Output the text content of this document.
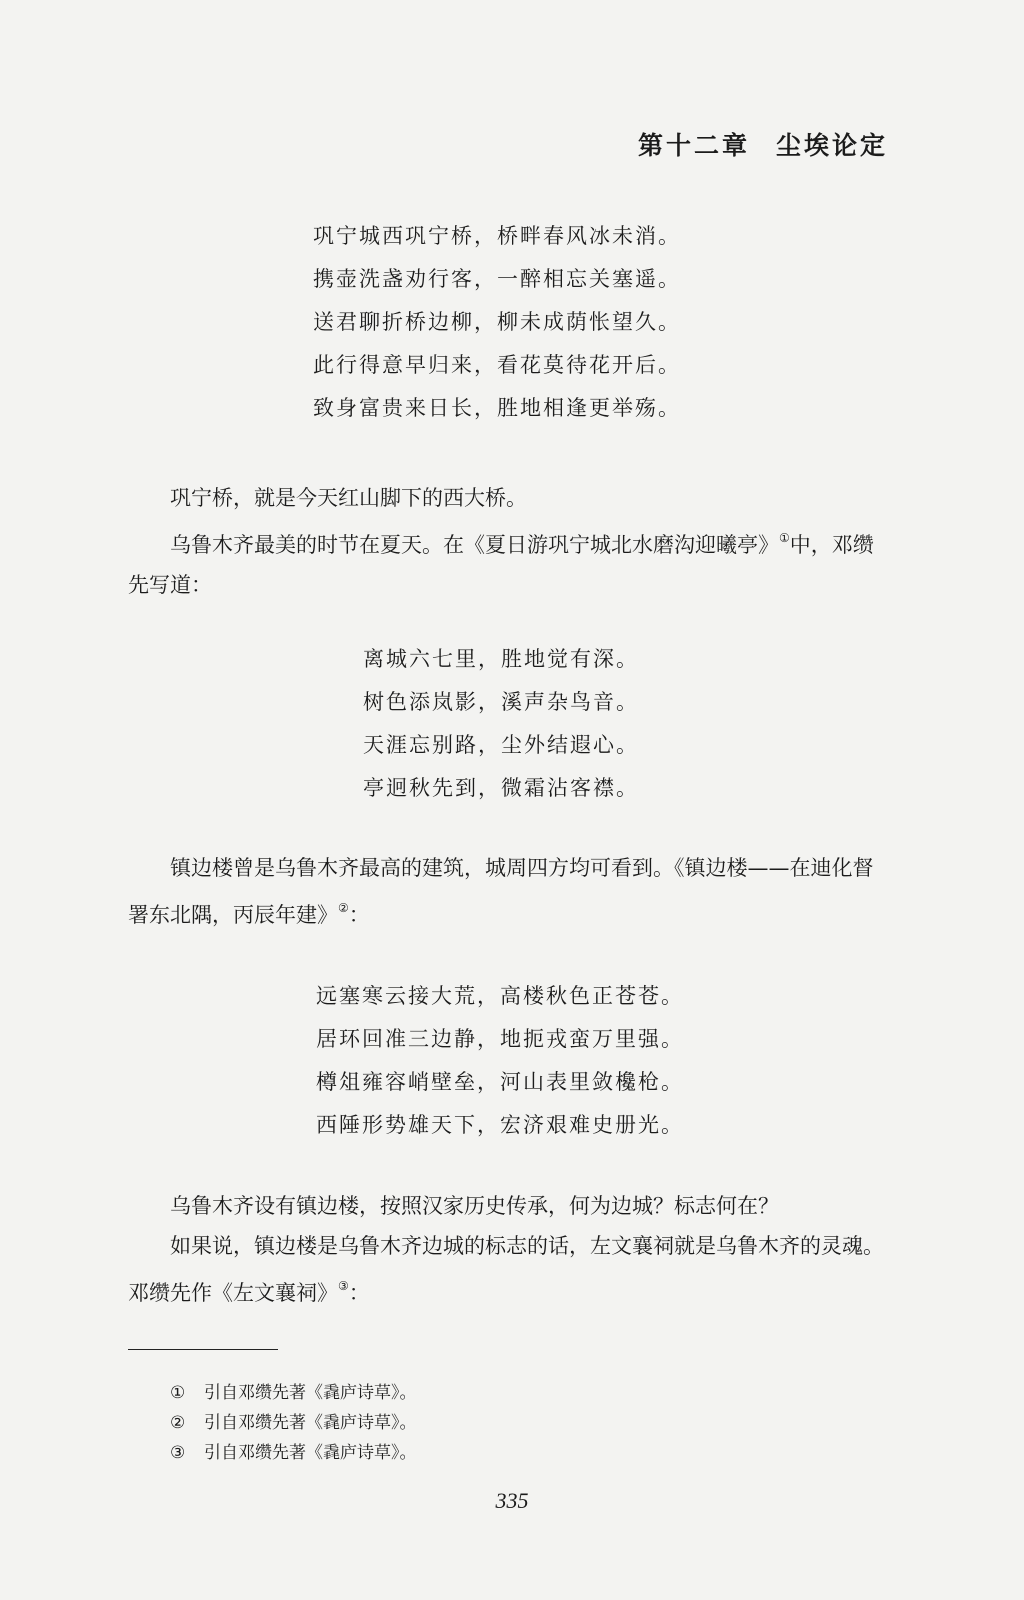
第十二章 尘埃论定
巩宁城西巩宁桥，桥畔春风冰未消。
携壶洗盏劝行客，一醉相忘关塞遥。
送君聊折桥边柳，柳未成荫怅望久。
此行得意早归来，看花莫待花开后。
致身富贵来日长，胜地相逢更举殇。
巩宁桥，就是今天红山脚下的西大桥。
乌鲁木齐最美的时节在夏天。在《夏日游巩宁城北水磨沟迎曦亭》①中，邓缵先写道：
离城六七里，胜地觉有深。
树色添岚影，溪声杂鸟音。
天涯忘别路，尘外结遐心。
亭迥秋先到，微霜沾客襟。
镇边楼曾是乌鲁木齐最高的建筑，城周四方均可看到。《镇边楼——在迪化督署东北隅，丙辰年建》②：
远塞寒云接大荒，高楼秋色正苍苍。
居环回准三边静，地扼戎蛮万里强。
樽俎雍容峭壁垒，河山表里敛欃枪。
西陲形势雄天下，宏济艰难史册光。
乌鲁木齐设有镇边楼，按照汉家历史传承，何为边城？标志何在？
如果说，镇边楼是乌鲁木齐边城的标志的话，左文襄祠就是乌鲁木齐的灵魂。邓缵先作《左文襄祠》③：
① 引自邓缵先著《毳庐诗草》。
② 引自邓缵先著《毳庐诗草》。
③ 引自邓缵先著《毳庐诗草》。
335
